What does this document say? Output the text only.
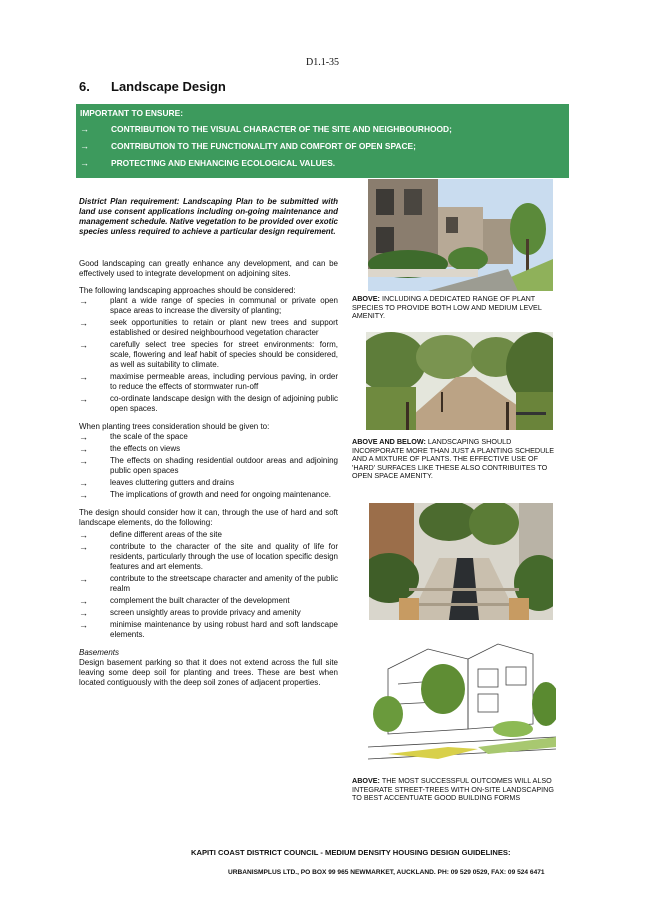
D1.1-35
6. Landscape Design
IMPORTANT TO ENSURE:
→	CONTRIBUTION TO THE VISUAL CHARACTER OF THE SITE AND NEIGHBOURHOOD;
→	CONTRIBUTION TO THE FUNCTIONALITY AND COMFORT OF OPEN SPACE;
→	PROTECTING AND ENHANCING ECOLOGICAL VALUES.

District Plan requirement: Landscaping Plan to be submitted with land use consent applications including on-going maintenance and management schedule. Native vegetation to be provided over exotic species unless required to achieve a particular design requirement.

Good landscaping can greatly enhance any development, and can be effectively used to integrate development on adjoining sites.

The following landscaping approaches should be considered:

→	plant a wide range of species in communal or private open space areas to increase the diversity of planting;
→	seek opportunities to retain or plant new trees and support established or desired neighbourhood vegetation character
→	carefully select tree species for street environments: form, scale, flowering and leaf habit of species should be considered, as well as suitability to climate.
→	maximise permeable areas, including pervious paving, in order to reduce the effects of stormwater run-off
→	co-ordinate landscape design with the design of adjoining public open spaces.

When planting trees consideration should be given to:

→	the scale of the space
→	the effects on views
→	The effects on shading residential outdoor areas and adjoining public open spaces
→	leaves cluttering gutters and drains
→	The implications of growth and need for ongoing maintenance.

The design should consider how it can, through the use of hard and soft landscape elements, do the following:

→	define different areas of the site
→	contribute to the character of the site and quality of life for residents, particularly through the use of location specific design features and art elements.
→	contribute to the streetscape character and amenity of the public realm
→	complement the built character of the development
→	screen unsightly areas to provide privacy and amenity
→	minimise maintenance by using robust hard and soft landscape elements.

Basements

Design basement parking so that it does not extend across the full site leaving some deep soil for planting and trees. These are best when located contiguously with the deep soil zones of adjacent properties.

ABOVE: INCLUDING A DEDICATED RANGE OF PLANT SPECIES TO PROVIDE BOTH LOW AND MEDIUM LEVEL AMENITY.
ABOVE AND BELOW: LANDSCAPING SHOULD INCORPORATE MORE THAN JUST A PLANTING SCHEDULE AND A MIXTURE OF PLANTS. THE EFFECTIVE USE OF 'HARD' SURFACES LIKE THESE ALSO CONTRIBUITES TO OPEN SPACE AMENITY.
ABOVE: THE MOST SUCCESSFUL OUTCOMES WILL ALSO INTEGRATE STREET-TREES WITH ON-SITE LANDSCAPING TO BEST ACCENTUATE GOOD BUILDING FORMS
KAPITI COAST DISTRICT COUNCIL - MEDIUM DENSITY HOUSING DESIGN GUIDELINES:
URBANISMPLUS LTD., PO BOX 99 965 NEWMARKET, AUCKLAND. PH: 09 529 0529, FAX: 09 524 6471
